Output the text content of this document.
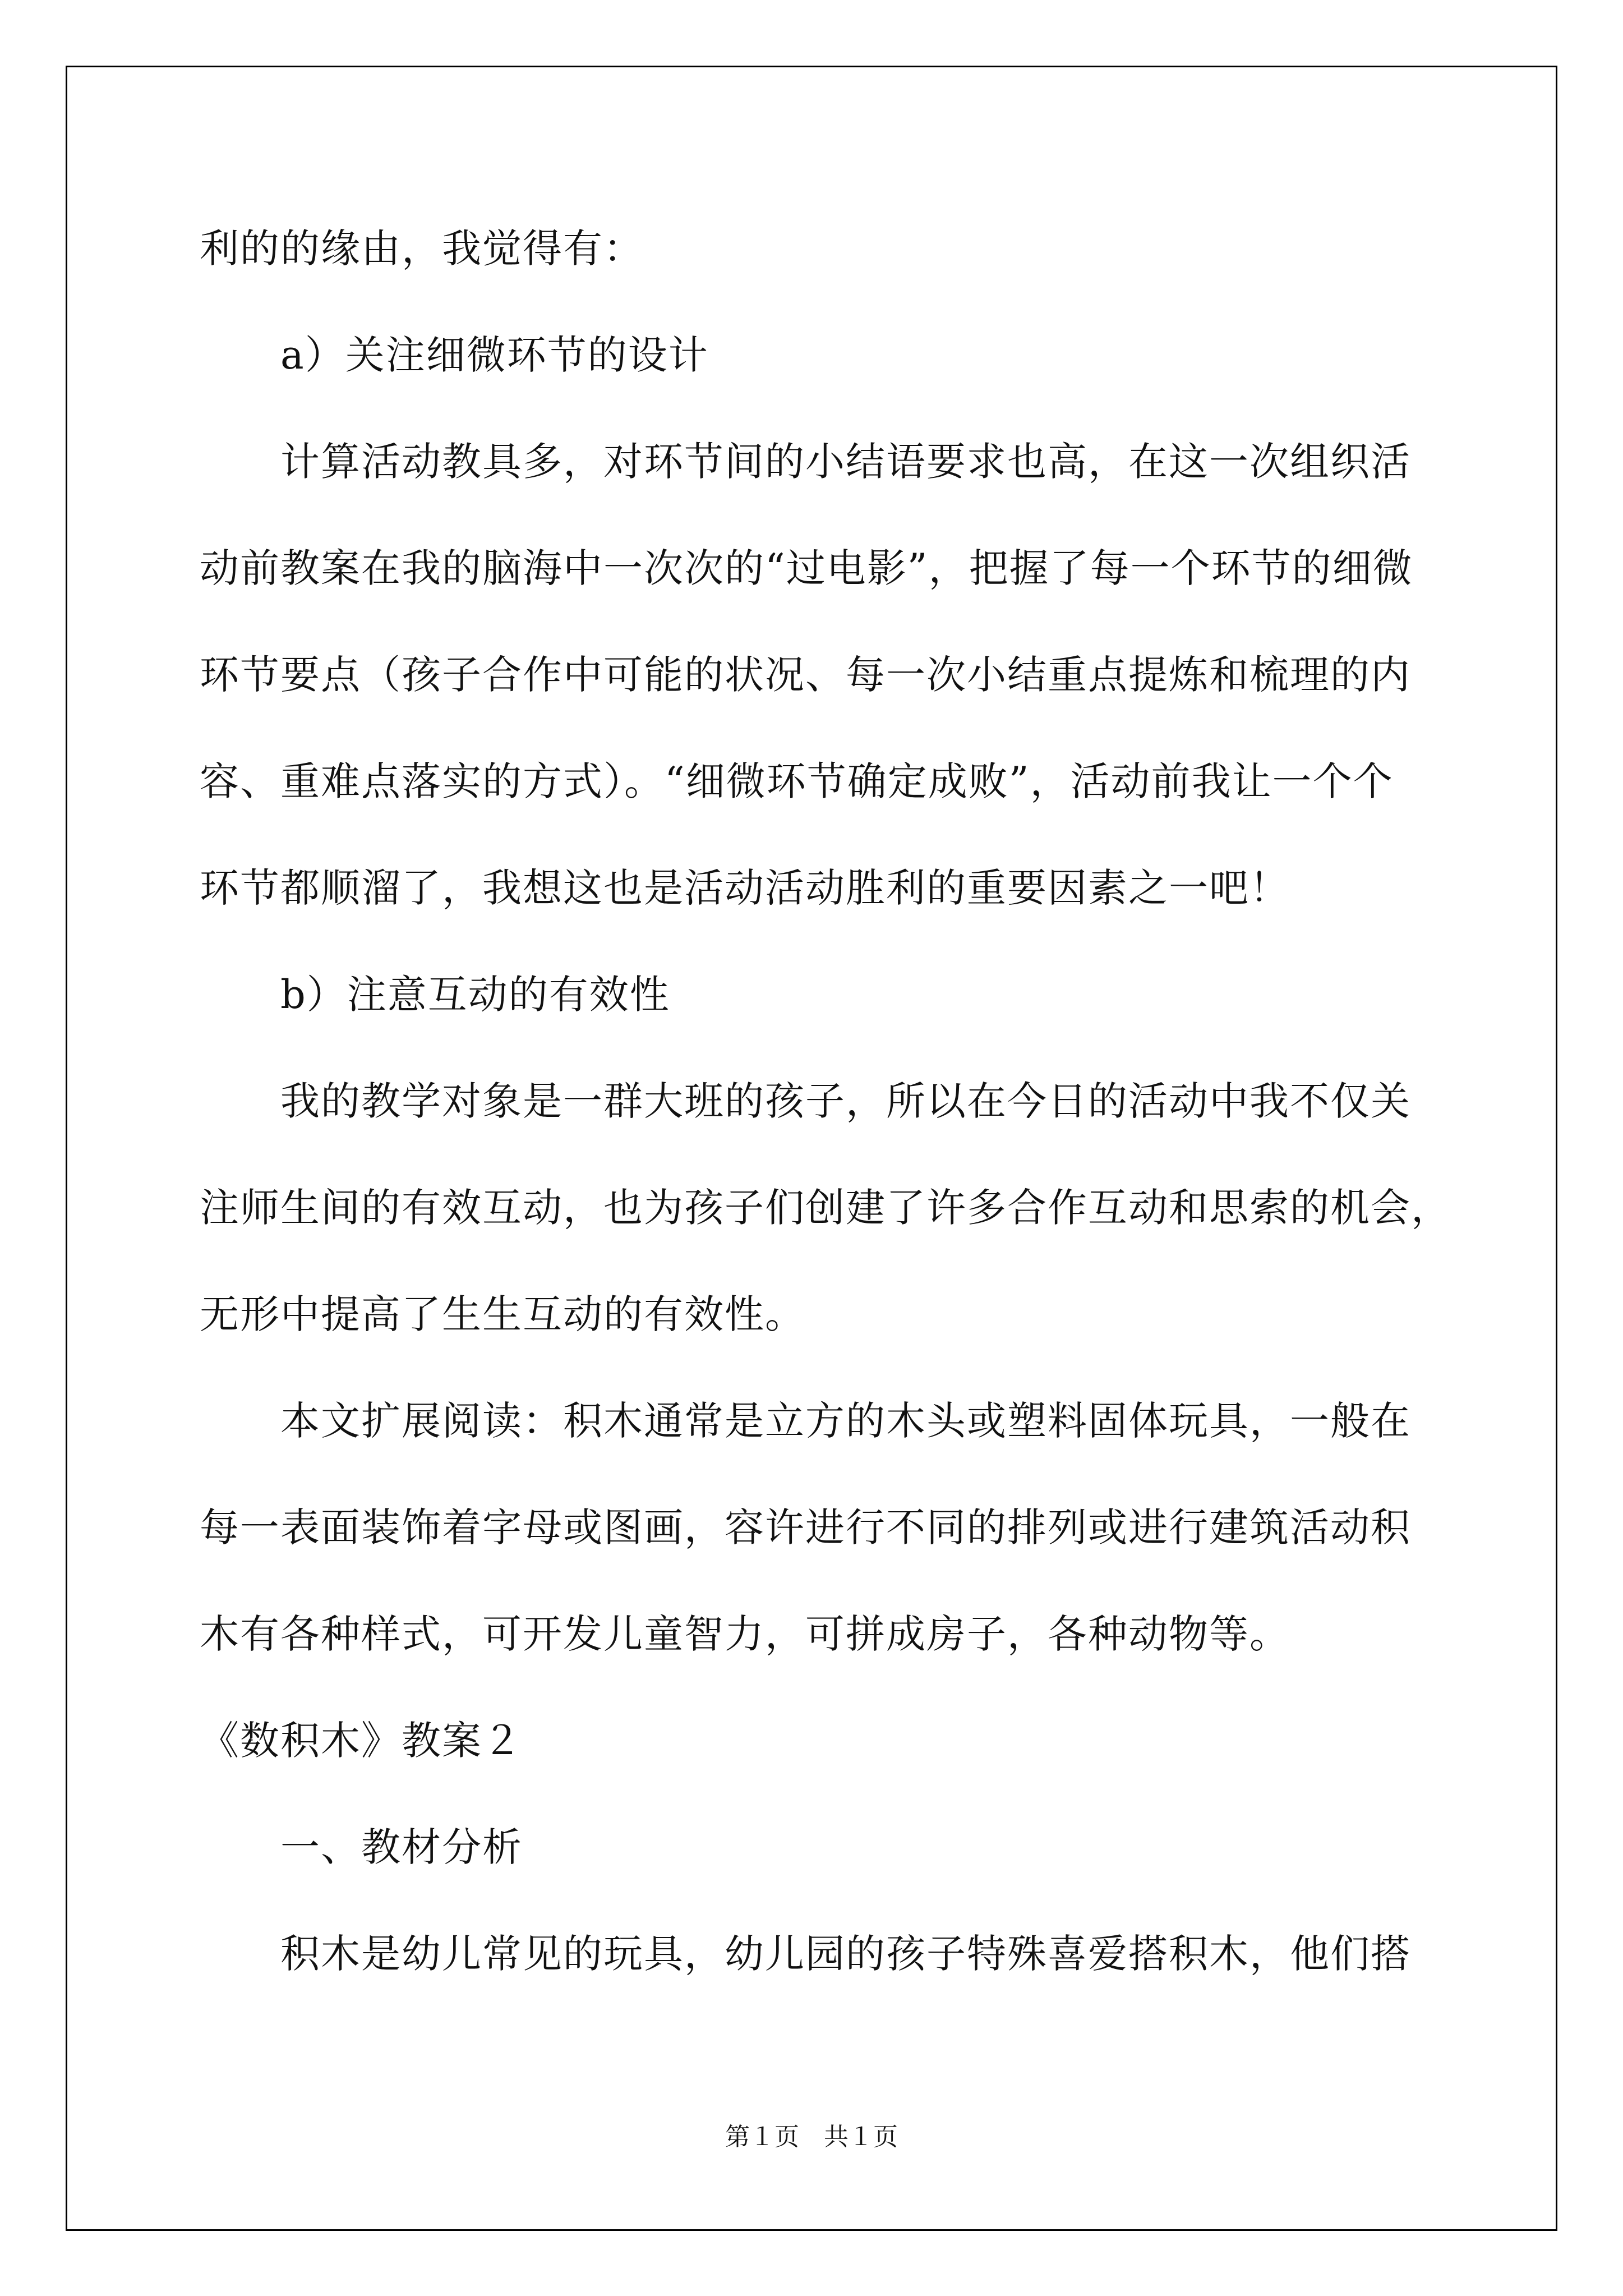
利的的缘由，我觉得有：

a）关注细微环节的设计

计算活动教具多，对环节间的小结语要求也高，在这一次组织活

动前教案在我的脑海中一次次的“过电影”，把握了每一个环节的细微

环节要点（孩子合作中可能的状况、每一次小结重点提炼和梳理的内

容、重难点落实的方式）。“细微环节确定成败”，活动前我让一个个

环节都顺溜了，我想这也是活动活动胜利的重要因素之一吧！

b）注意互动的有效性

我的教学对象是一群大班的孩子，所以在今日的活动中我不仅关

注师生间的有效互动，也为孩子们创建了许多合作互动和思索的机会，

无形中提高了生生互动的有效性。

本文扩展阅读：积木通常是立方的木头或塑料固体玩具，一般在

每一表面装饰着字母或图画，容许进行不同的排列或进行建筑活动积

木有各种样式，可开发儿童智力，可拼成房子，各种动物等。

《数积木》教案２

一、教材分析

积木是幼儿常见的玩具，幼儿园的孩子特殊喜爱搭积木，他们搭

第１页　共１页
